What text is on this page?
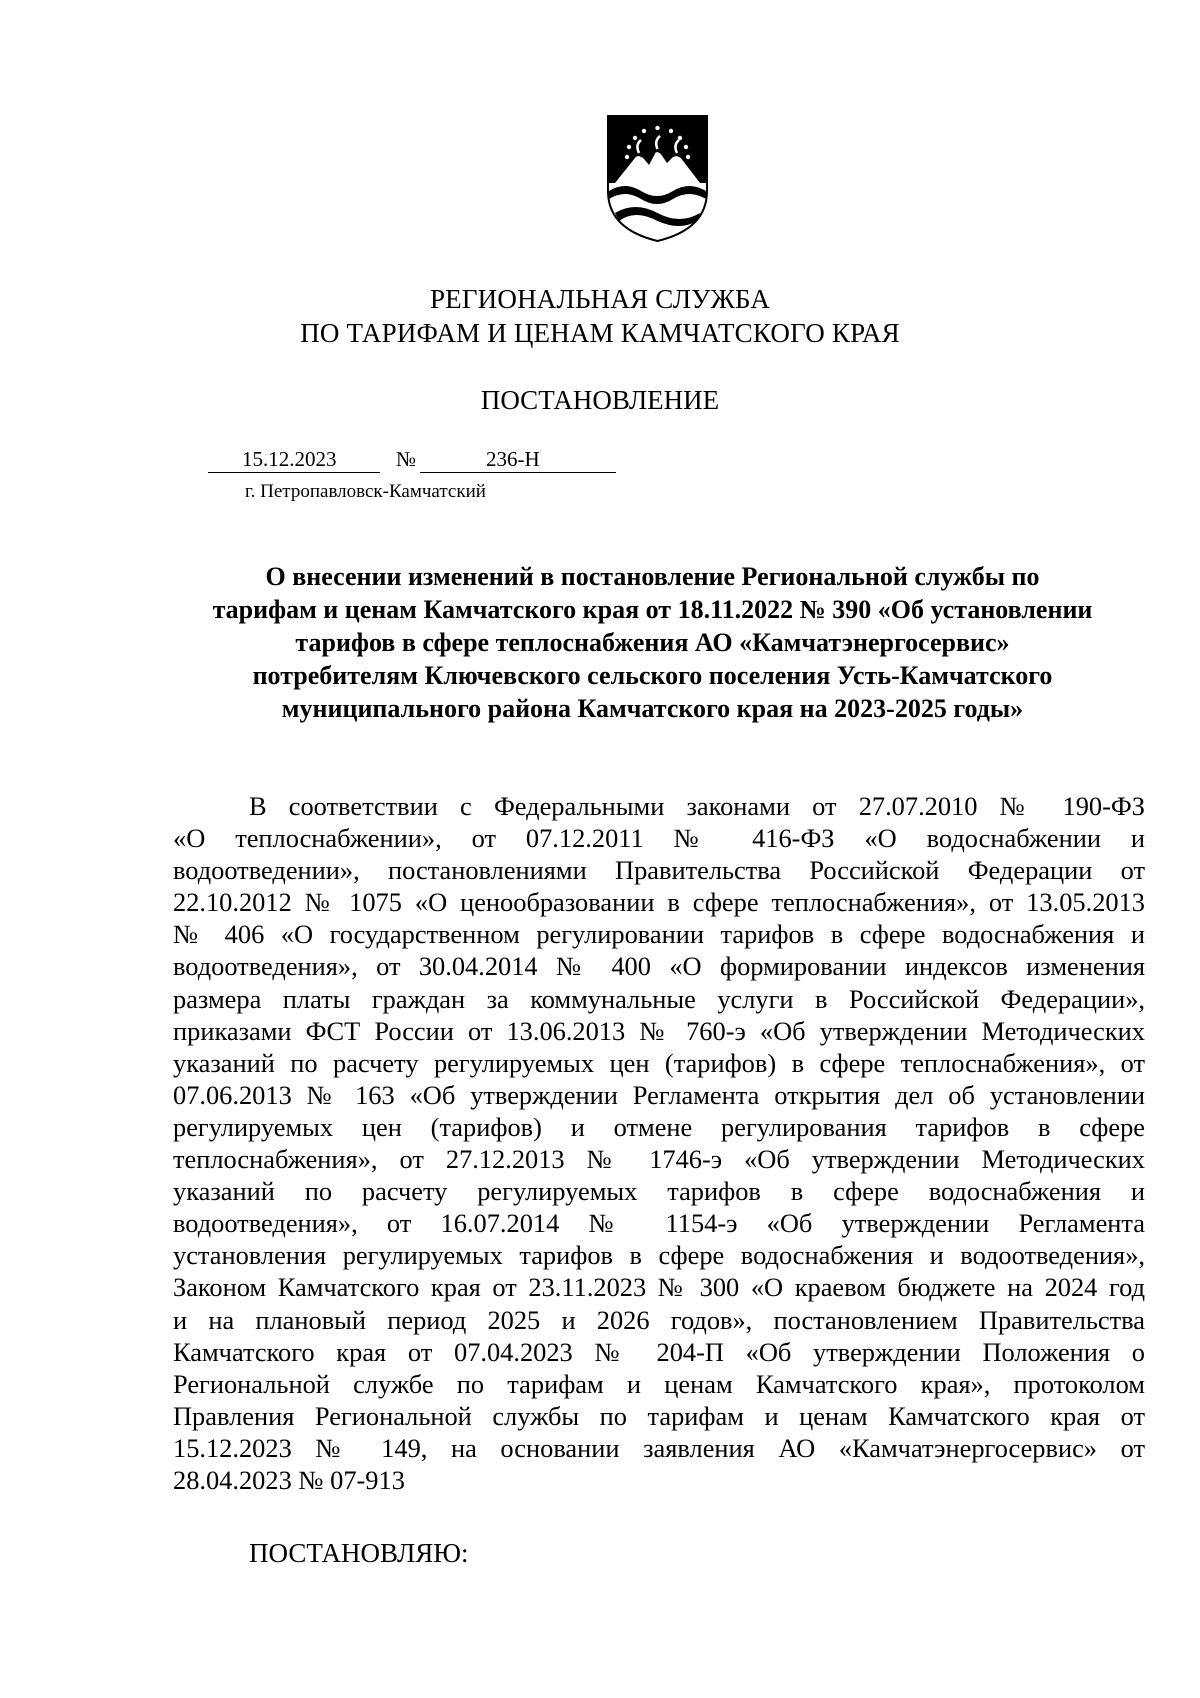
РЕГИОНАЛЬНАЯ СЛУЖБА
ПО ТАРИФАМ И ЦЕНАМ КАМЧАТСКОГО КРАЯ
ПОСТАНОВЛЕНИЕ
15.12.2023	№	236-Н
г. Петропавловск-Камчатский
О внесении изменений в постановление Региональной службы по
тарифам и ценам Камчатского края от 18.11.2022 № 390 «Об установлении
тарифов в сфере теплоснабжения АО «Камчатэнергосервис»
потребителям Ключевского сельского поселения Усть-Камчатского
муниципального района Камчатского края на 2023-2025 годы»
В соответствии с Федеральными законами от 27.07.2010 № 190-ФЗ
«О теплоснабжении», от 07.12.2011 № 416-ФЗ «О водоснабжении и
водоотведении», постановлениями Правительства Российской Федерации от
22.10.2012 № 1075 «О ценообразовании в сфере теплоснабжения», от 13.05.2013
№ 406 «О государственном регулировании тарифов в сфере водоснабжения и
водоотведения», от 30.04.2014 № 400 «О формировании индексов изменения
размера платы граждан за коммунальные услуги в Российской Федерации»,
приказами ФСТ России от 13.06.2013 № 760-э «Об утверждении Методических
указаний по расчету регулируемых цен (тарифов) в сфере теплоснабжения», от
07.06.2013 № 163 «Об утверждении Регламента открытия дел об установлении
регулируемых цен (тарифов) и отмене регулирования тарифов в сфере
теплоснабжения», от 27.12.2013 № 1746-э «Об утверждении Методических
указаний по расчету регулируемых тарифов в сфере водоснабжения и
водоотведения», от 16.07.2014 № 1154-э «Об утверждении Регламента
установления регулируемых тарифов в сфере водоснабжения и водоотведения»,
Законом Камчатского края от 23.11.2023 № 300 «О краевом бюджете на 2024 год
и на плановый период 2025 и 2026 годов», постановлением Правительства
Камчатского края от 07.04.2023 № 204-П «Об утверждении Положения о
Региональной службе по тарифам и ценам Камчатского края», протоколом
Правления Региональной службы по тарифам и ценам Камчатского края от
15.12.2023 № 149, на основании заявления АО «Камчатэнергосервис» от
28.04.2023 № 07-913
ПОСТАНОВЛЯЮ:
